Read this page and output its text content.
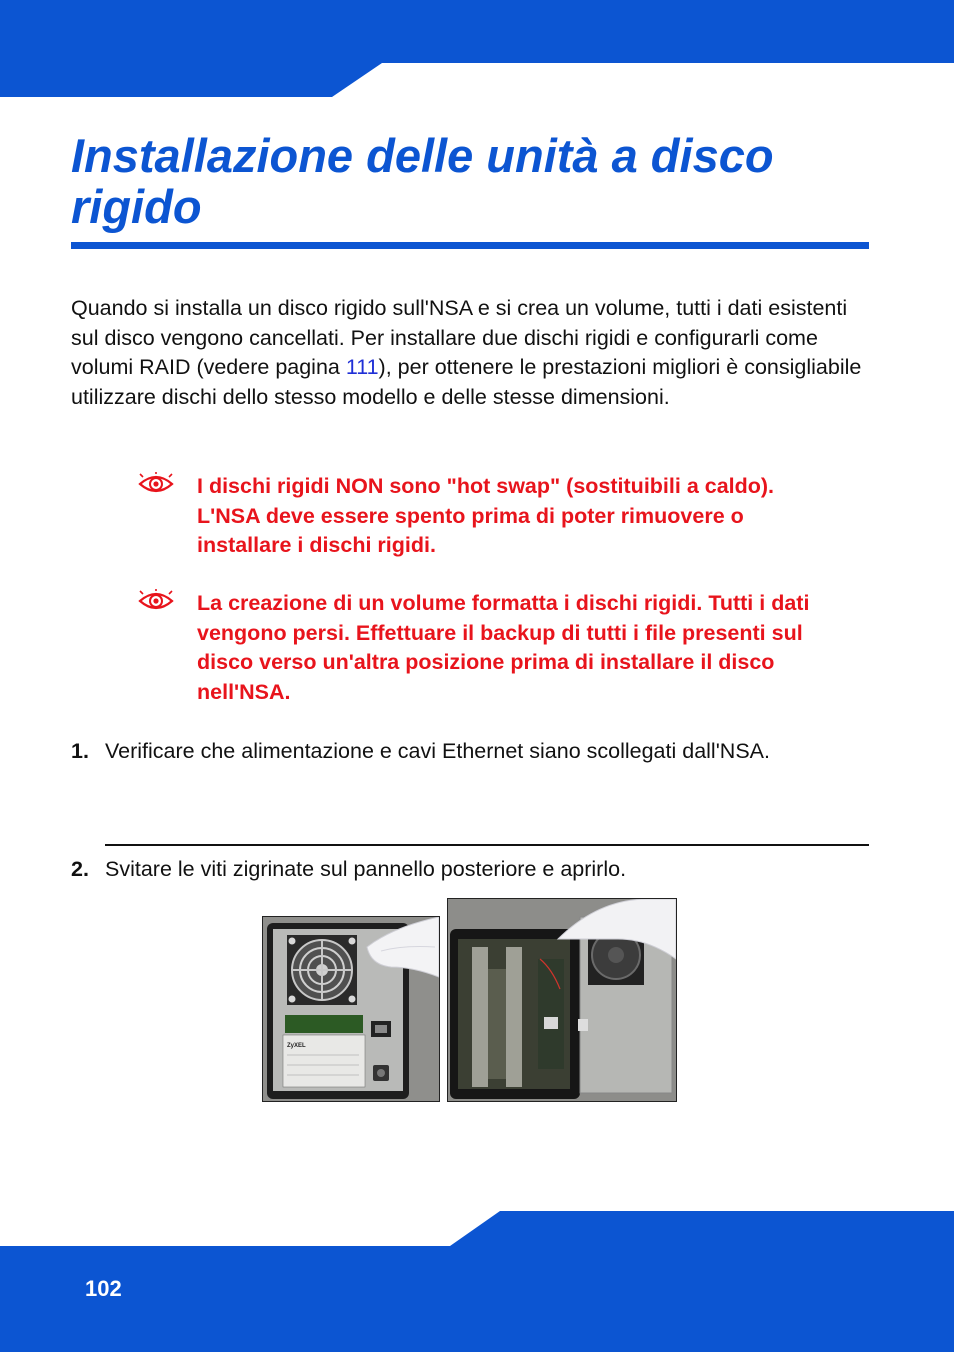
Installazione delle unità a disco rigido

Quando si installa un disco rigido sull'NSA e si crea un volume, tutti i dati esistenti sul disco vengono cancellati. Per installare due dischi rigidi e configurarli come volumi RAID (vedere pagina 111), per ottenere le prestazioni migliori è consigliabile utilizzare dischi dello stesso modello e delle stesse dimensioni.

I dischi rigidi NON sono "hot swap" (sostituibili a caldo). L'NSA deve essere spento prima di poter rimuovere o installare i dischi rigidi.

La creazione di un volume formatta i dischi rigidi. Tutti i dati vengono persi. Effettuare il backup di tutti i file presenti sul disco verso un'altra posizione prima di installare il disco nell'NSA.

1. Verificare che alimentazione e cavi Ethernet siano scollegati dall'NSA.

2. Svitare le viti zigrinate sul pannello posteriore e aprirlo.

ZyXEL
102
